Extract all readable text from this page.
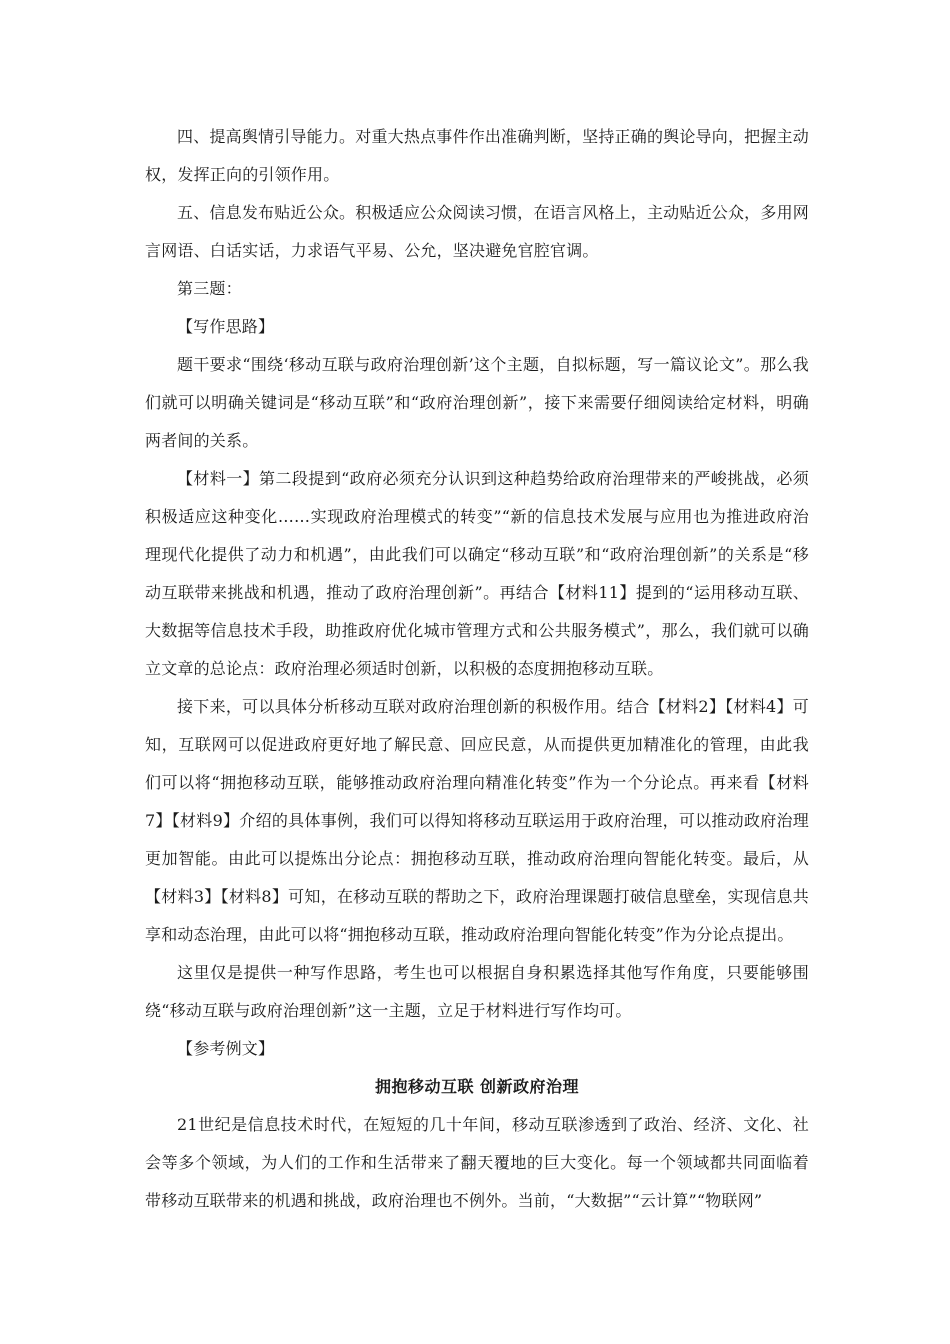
四、提高舆情引导能力。对重大热点事件作出准确判断，坚持正确的舆论导向，把握主动权，发挥正向的引领作用。

五、信息发布贴近公众。积极适应公众阅读习惯，在语言风格上，主动贴近公众，多用网言网语、白话实话，力求语气平易、公允，坚决避免官腔官调。

第三题：

【写作思路】

题干要求“围绕‘移动互联与政府治理创新’这个主题，自拟标题，写一篇议论文”。那么我们就可以明确关键词是“移动互联”和“政府治理创新”，接下来需要仔细阅读给定材料，明确两者间的关系。

【材料一】第二段提到“政府必须充分认识到这种趋势给政府治理带来的严峻挑战，必须积极适应这种变化……实现政府治理模式的转变”“新的信息技术发展与应用也为推进政府治理现代化提供了动力和机遇”，由此我们可以确定“移动互联”和“政府治理创新”的关系是“移动互联带来挑战和机遇，推动了政府治理创新”。再结合【材料11】提到的“运用移动互联、大数据等信息技术手段，助推政府优化城市管理方式和公共服务模式”，那么，我们就可以确立文章的总论点：政府治理必须适时创新，以积极的态度拥抱移动互联。

接下来，可以具体分析移动互联对政府治理创新的积极作用。结合【材料2】【材料4】可知，互联网可以促进政府更好地了解民意、回应民意，从而提供更加精准化的管理，由此我们可以将“拥抱移动互联，能够推动政府治理向精准化转变”作为一个分论点。再来看【材料7】【材料9】介绍的具体事例，我们可以得知将移动互联运用于政府治理，可以推动政府治理更加智能。由此可以提炼出分论点：拥抱移动互联，推动政府治理向智能化转变。最后，从【材料3】【材料8】可知，在移动互联的帮助之下，政府治理课题打破信息壁垒，实现信息共享和动态治理，由此可以将“拥抱移动互联，推动政府治理向智能化转变”作为分论点提出。

这里仅是提供一种写作思路，考生也可以根据自身积累选择其他写作角度，只要能够围绕“移动互联与政府治理创新”这一主题，立足于材料进行写作均可。

【参考例文】

拥抱移动互联 创新政府治理

21世纪是信息技术时代，在短短的几十年间，移动互联渗透到了政治、经济、文化、社会等多个领域，为人们的工作和生活带来了翻天覆地的巨大变化。每一个领域都共同面临着带移动互联带来的机遇和挑战，政府治理也不例外。当前，“大数据”“云计算”“物联网”
